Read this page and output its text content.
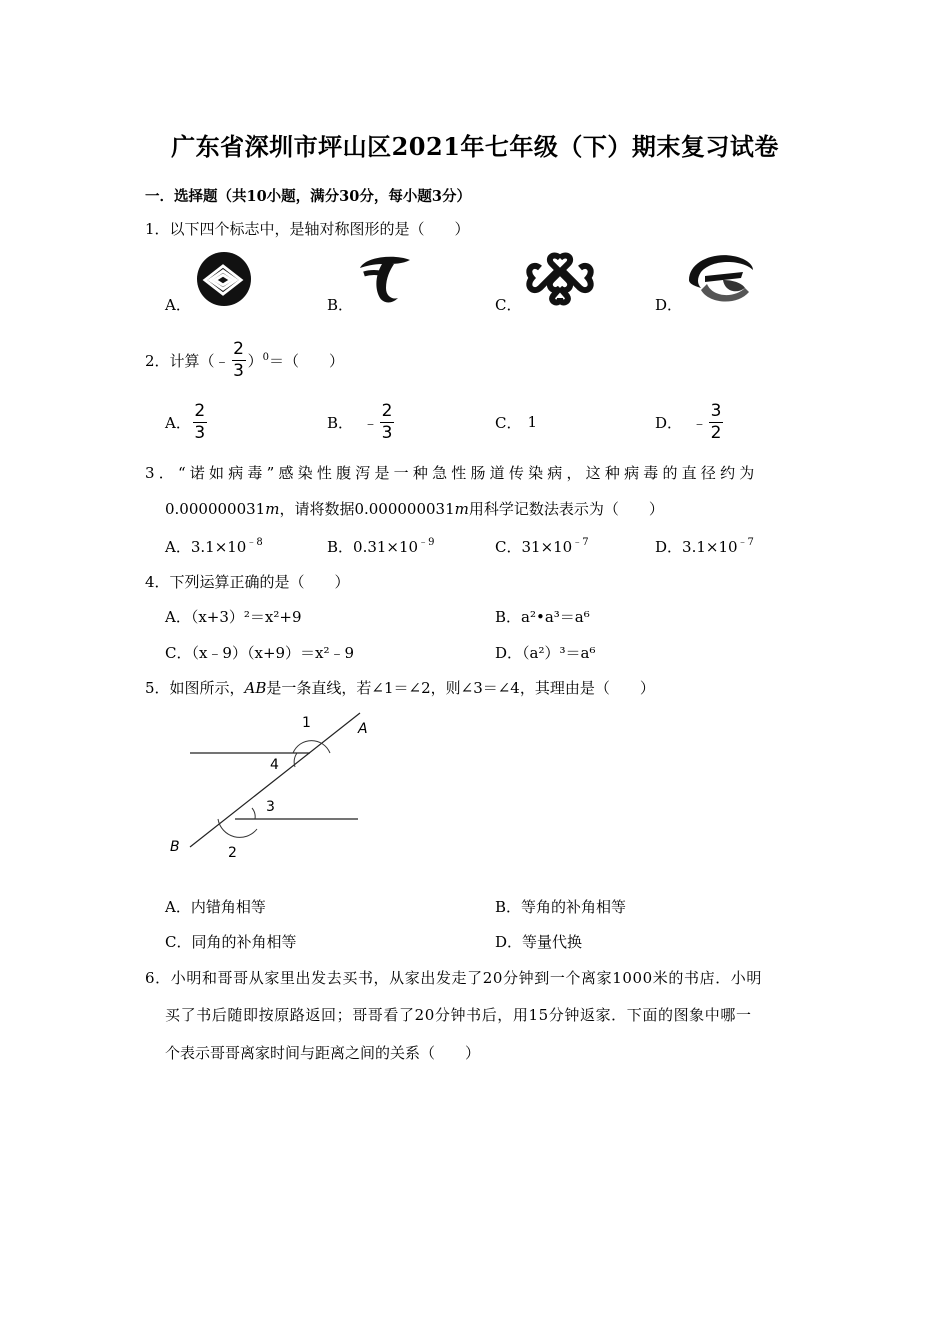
广东省深圳市坪山区2021年七年级（下）期末复习试卷
一．选择题（共10小题，满分30分，每小题3分）
1．以下四个标志中，是轴对称图形的是（　　）
A．	B．	C．	D．
2．计算（ ﹣ $\frac{2}{3} )^0$ ＝（　　）
A． $\frac{2}{3}$	B． ﹣ $\frac{2}{3}$	C． 1	D． ﹣ $\frac{3}{2}$
3．“诺如病毒”感染性腹泻是一种急性肠道传染病，这种病毒的直径约为
0.000000031m，请将数据0.000000031m用科学记数法表示为（　　）
A．$3.1\times 10^{﹣8}$	B．$0.31\times 10^{﹣9}$	C．$31\times 10^{﹣7}$	D．$3.1\times 10^{﹣7}$
4．下列运算正确的是（　　）
A．（x+3）²＝x²+9	B．a²•a³＝a⁶
C．（x﹣9）（x+9）＝x²﹣9	D．（a²）³＝a⁶
5．如图所示，AB是一条直线，若∠1＝∠2，则∠3＝∠4，其理由是（　　）
1
4
3
2
A
B
A．内错角相等	B．等角的补角相等
C．同角的补角相等	D．等量代换
6．小明和哥哥从家里出发去买书，从家出发走了20分钟到一个离家1000米的书店．小明
买了书后随即按原路返回；哥哥看了20分钟书后，用15分钟返家．下面的图象中哪一
个表示哥哥离家时间与距离之间的关系（　　）
